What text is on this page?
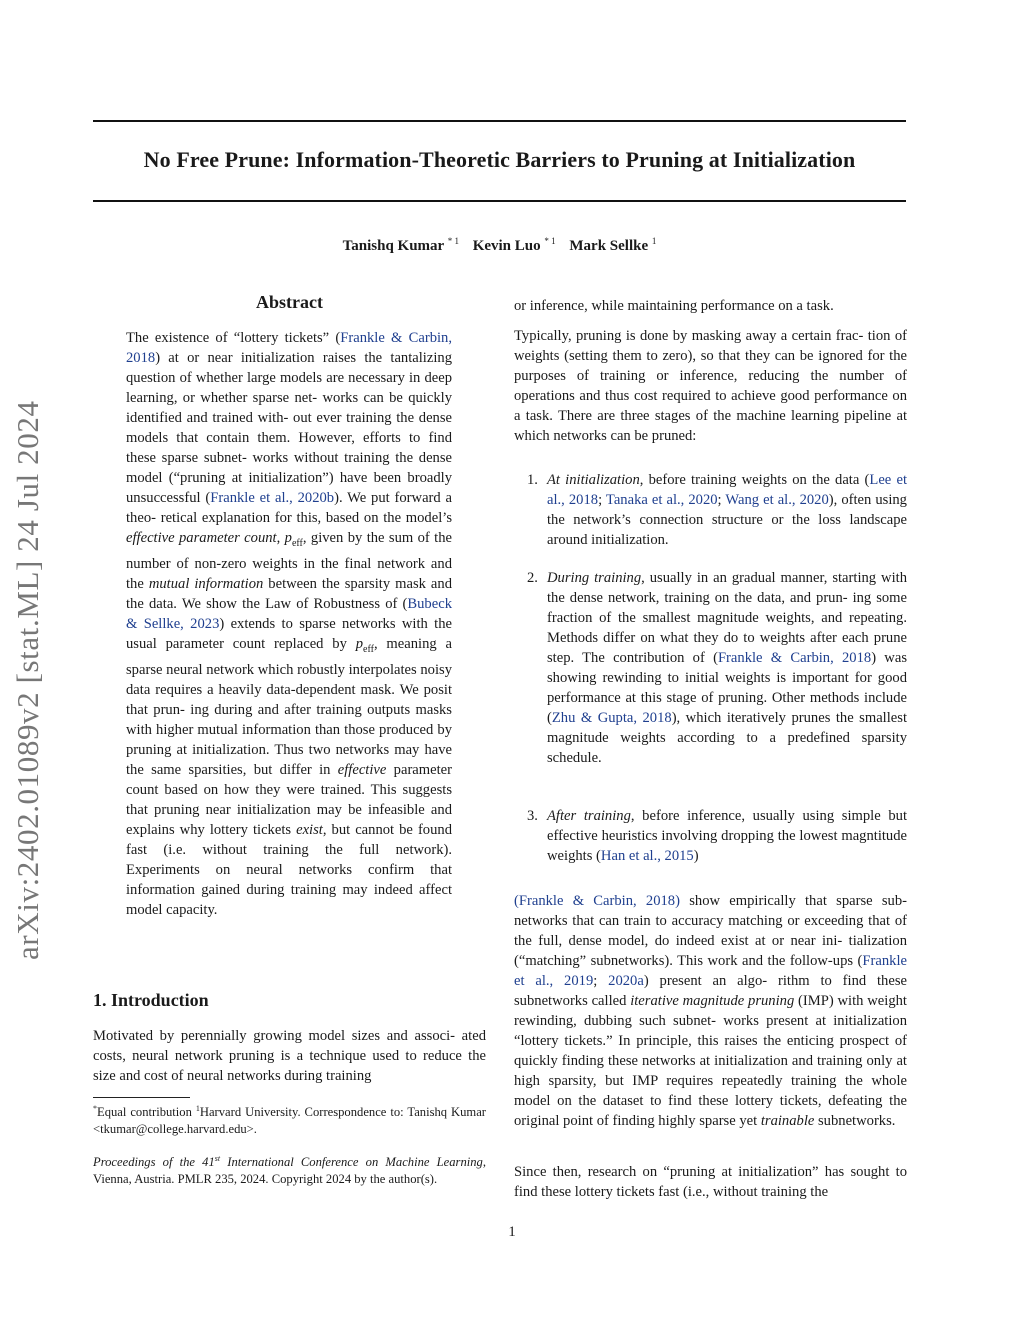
arXiv:2402.01089v2 [stat.ML] 24 Jul 2024
No Free Prune: Information-Theoretic Barriers to Pruning at Initialization
Tanishq Kumar $^{* 1}$ Kevin Luo $^{* 1}$ Mark Sellke $^1$
Abstract

The existence of “lottery tickets” (Frankle & Carbin, 2018) at or near initialization raises the tantalizing question of whether large models are necessary in deep learning, or whether sparse net- works can be quickly identified and trained with- out ever training the dense models that contain them. However, efforts to find these sparse subnet- works without training the dense model (“pruning at initialization”) have been broadly unsuccessful (Frankle et al., 2020b). We put forward a theo- retical explanation for this, based on the model’s effective parameter count, $p_{eff}$, given by the sum of the number of non-zero weights in the final network and the mutual information between the sparsity mask and the data. We show the Law of Robustness of (Bubeck & Sellke, 2023) extends to sparse networks with the usual parameter count replaced by $p_{eff}$, meaning a sparse neural network which robustly interpolates noisy data requires a heavily data-dependent mask. We posit that prun- ing during and after training outputs masks with higher mutual information than those produced by pruning at initialization. Thus two networks may have the same sparsities, but differ in effective parameter count based on how they were trained. This suggests that pruning near initialization may be infeasible and explains why lottery tickets exist, but cannot be found fast (i.e. without training the full network). Experiments on neural networks confirm that information gained during training may indeed affect model capacity.

1. Introduction

Motivated by perennially growing model sizes and associ- ated costs, neural network pruning is a technique used to reduce the size and cost of neural networks during training

*Equal contribution $^1$Harvard University. Correspondence to: Tanishq Kumar <tkumar@college.harvard.edu>.
Proceedings of the 41st International Conference on Machine Learning, Vienna, Austria. PMLR 235, 2024. Copyright 2024 by the author(s).

or inference, while maintaining performance on a task.

Typically, pruning is done by masking away a certain frac- tion of weights (setting them to zero), so that they can be ignored for the purposes of training or inference, reducing the number of operations and thus cost required to achieve good performance on a task. There are three stages of the machine learning pipeline at which networks can be pruned:

1. At initialization, before training weights on the data (Lee et al., 2018; Tanaka et al., 2020; Wang et al., 2020), often using the network’s connection structure or the loss landscape around initialization.
2. During training, usually in an gradual manner, starting with the dense network, training on the data, and prun- ing some fraction of the smallest magnitude weights, and repeating. Methods differ on what they do to weights after each prune step. The contribution of (Frankle & Carbin, 2018) was showing rewinding to initial weights is important for good performance at this stage of pruning. Other methods include (Zhu & Gupta, 2018), which iteratively prunes the smallest magnitude weights according to a predefined sparsity schedule.
3. After training, before inference, usually using simple but effective heuristics involving dropping the lowest magntitude weights (Han et al., 2015)

(Frankle & Carbin, 2018) show empirically that sparse sub- networks that can train to accuracy matching or exceeding that of the full, dense model, do indeed exist at or near ini- tialization (“matching” subnetworks). This work and the follow-ups (Frankle et al., 2019; 2020a) present an algo- rithm to find these subnetworks called iterative magnitude pruning (IMP) with weight rewinding, dubbing such subnet- works present at initialization “lottery tickets.” In principle, this raises the enticing prospect of quickly finding these networks at initialization and training only at high sparsity, but IMP requires repeatedly training the whole model on the dataset to find these lottery tickets, defeating the original point of finding highly sparse yet trainable subnetworks.

Since then, research on “pruning at initialization” has sought to find these lottery tickets fast (i.e., without training the

1
